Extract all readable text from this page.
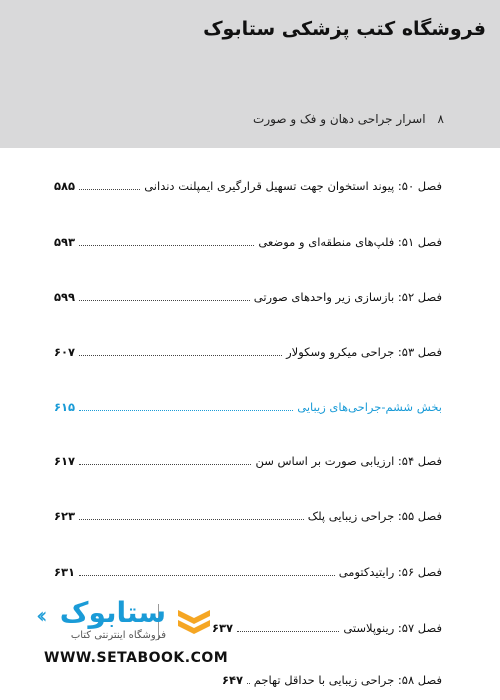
فروشگاه کتب پزشکی ستابوک
۸
اسرار جراحی دهان و فک و صورت
فصل ۵۰: پیوند استخوان جهت تسهیل قرارگیری ایمپلنت دندانی
۵۸۵
فصل ۵۱: فلپ‌های منطقه‌ای و موضعی
۵۹۳
فصل ۵۲: بازسازی زیر واحدهای صورتی
۵۹۹
فصل ۵۳: جراحی میکرو وسکولار
۶۰۷
بخش ششم-جراحی‌های زیبایی
۶۱۵
فصل ۵۴: ارزیابی صورت بر اساس سن
۶۱۷
فصل ۵۵: جراحی زیبایی پلک
۶۲۳
فصل ۵۶: رایتیدکتومی
۶۳۱
فصل ۵۷: رینوپلاستی
۶۳۷
فصل ۵۸: جراحی زیبایی با حداقل تهاجم
۶۴۷
ستابوک
فروشگاه اینترنتی کتاب
‹‹
WWW.SETABOOK.COM
